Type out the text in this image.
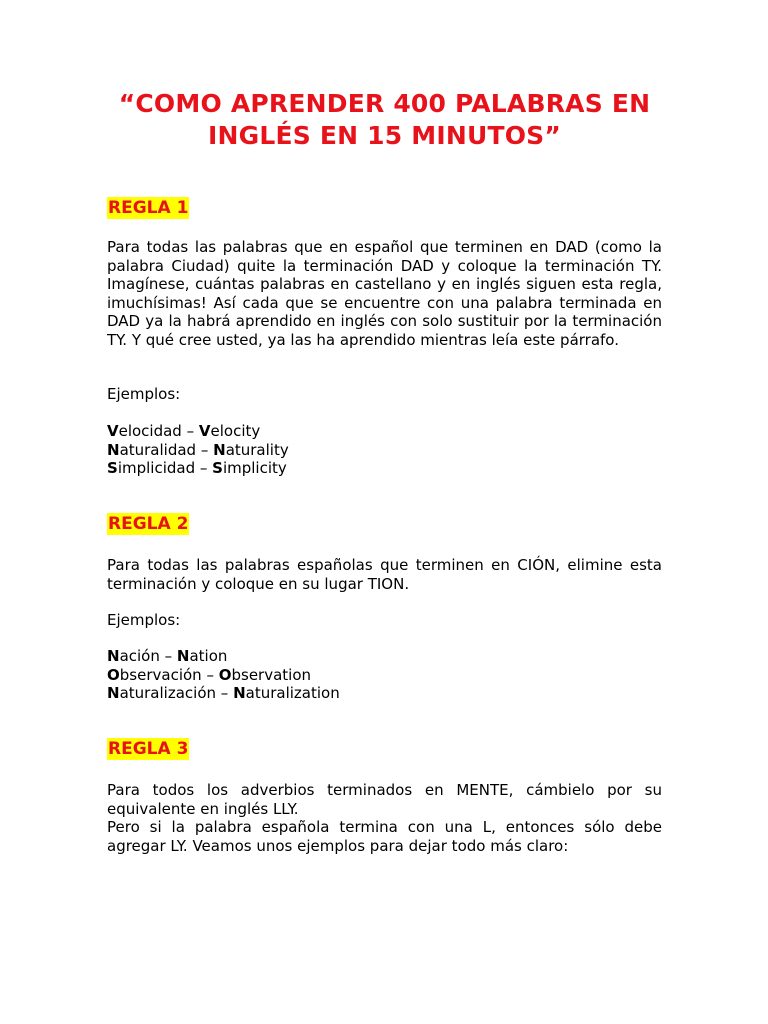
“COMO APRENDER 400 PALABRAS EN INGLÉS EN 15 MINUTOS”
REGLA 1
Para todas las palabras que en español que terminen en DAD (como la palabra Ciudad) quite la terminación DAD y coloque la terminación TY. Imagínese, cuántas palabras en castellano y en inglés siguen esta regla, imuchísimas! Así cada que se encuentre con una palabra terminada en DAD ya la habrá aprendido en inglés con solo sustituir por la terminación TY. Y qué cree usted, ya las ha aprendido mientras leía este párrafo.
Ejemplos:
Velocidad – Velocity
Naturalidad – Naturality
Simplicidad – Simplicity
REGLA 2
Para todas las palabras españolas que terminen en CIÓN, elimine esta terminación y coloque en su lugar TION.
Ejemplos:
Nación – Nation
Observación – Observation
Naturalización – Naturalization
REGLA 3
Para todos los adverbios terminados en MENTE, cámbielo por su equivalente en inglés LLY.
Pero si la palabra española termina con una L, entonces sólo debe agregar LY. Veamos unos ejemplos para dejar todo más claro:
